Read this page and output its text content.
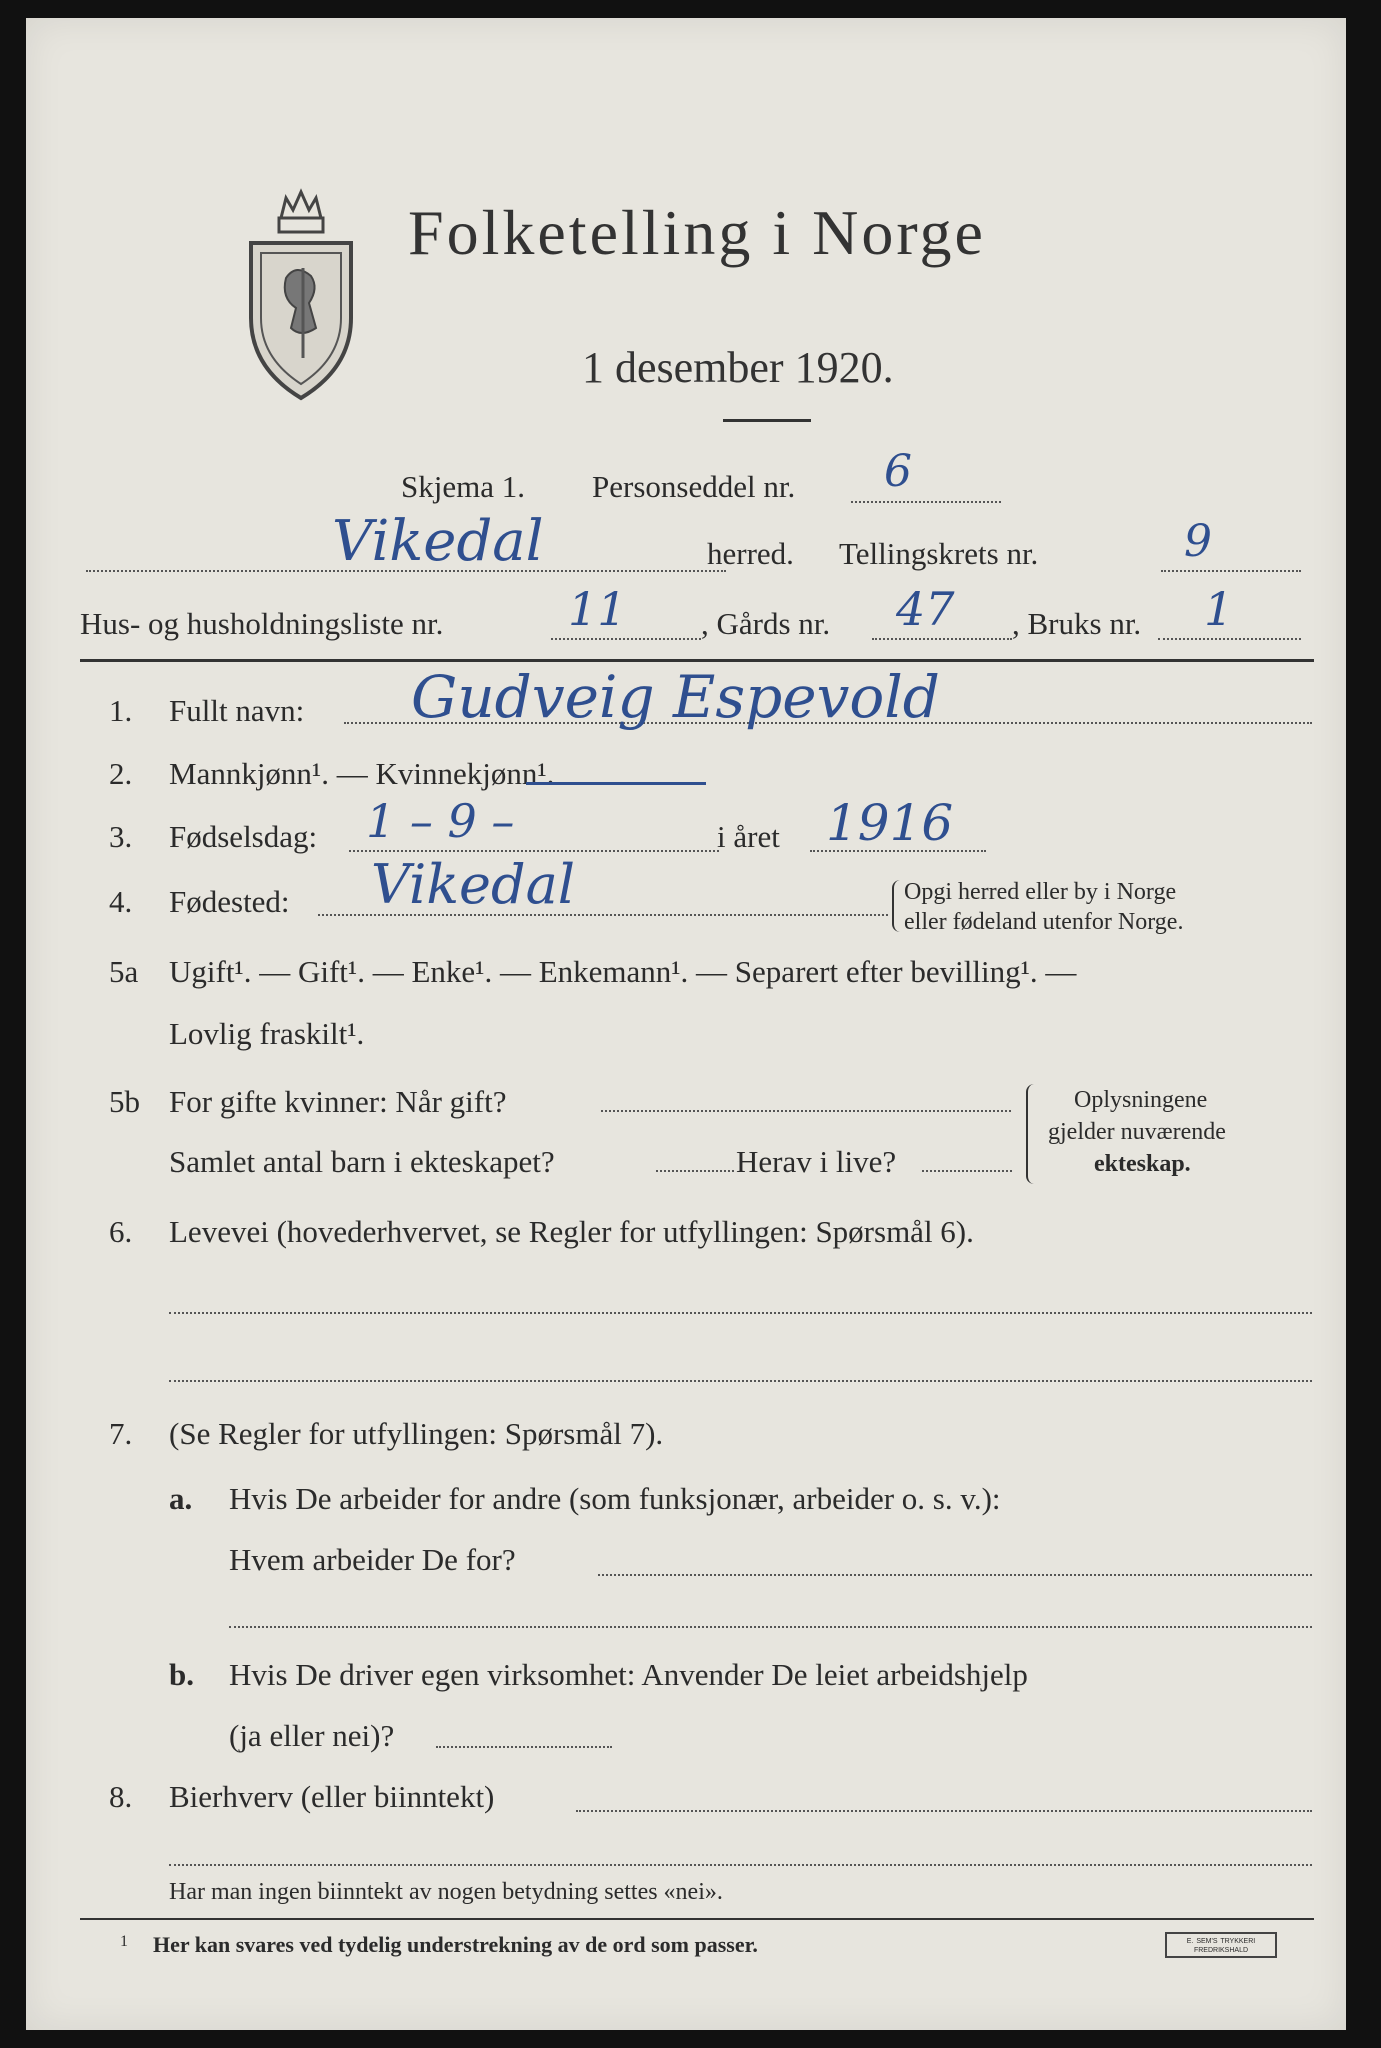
Folketelling i Norge
1 desember 1920.
Skjema 1. Personseddel nr. 6
Vikedal	herred. Tellingskrets nr.	9
Hus- og husholdningsliste nr.	11 , Gårds nr. 47 , Bruks nr. 1
1. Fullt navn: Gudveig Espevold
2. Mannkjønn¹. — Kvinnekjønn¹.
3. Fødselsdag: 1 – 9 –	i året 1916
4. Fødested: Vikedal	Opgi herred eller by i Norge
eller fødeland utenfor Norge.
5a Ugift¹. — Gift¹. — Enke¹. — Enkemann¹. — Separert efter bevilling¹. —
Lovlig fraskilt¹.
5b For gifte kvinner: Når gift?
Samlet antal barn i ekteskapet?	Herav i live?
Oplysningene
gjelder nuværende
ekteskap.
6. Levevei (hovederhvervet, se Regler for utfyllingen: Spørsmål 6).
7. (Se Regler for utfyllingen: Spørsmål 7).
a. Hvis De arbeider for andre (som funksjonær, arbeider o. s. v.):
Hvem arbeider De for?
b. Hvis De driver egen virksomhet: Anvender De leiet arbeidshjelp
(ja eller nei)?
8. Bierhverv (eller biinntekt)
Har man ingen biinntekt av nogen betydning settes «nei».
1 Her kan svares ved tydelig understrekning av de ord som passer.	E. SEM'S TRYKKERI FREDRIKSHALD
